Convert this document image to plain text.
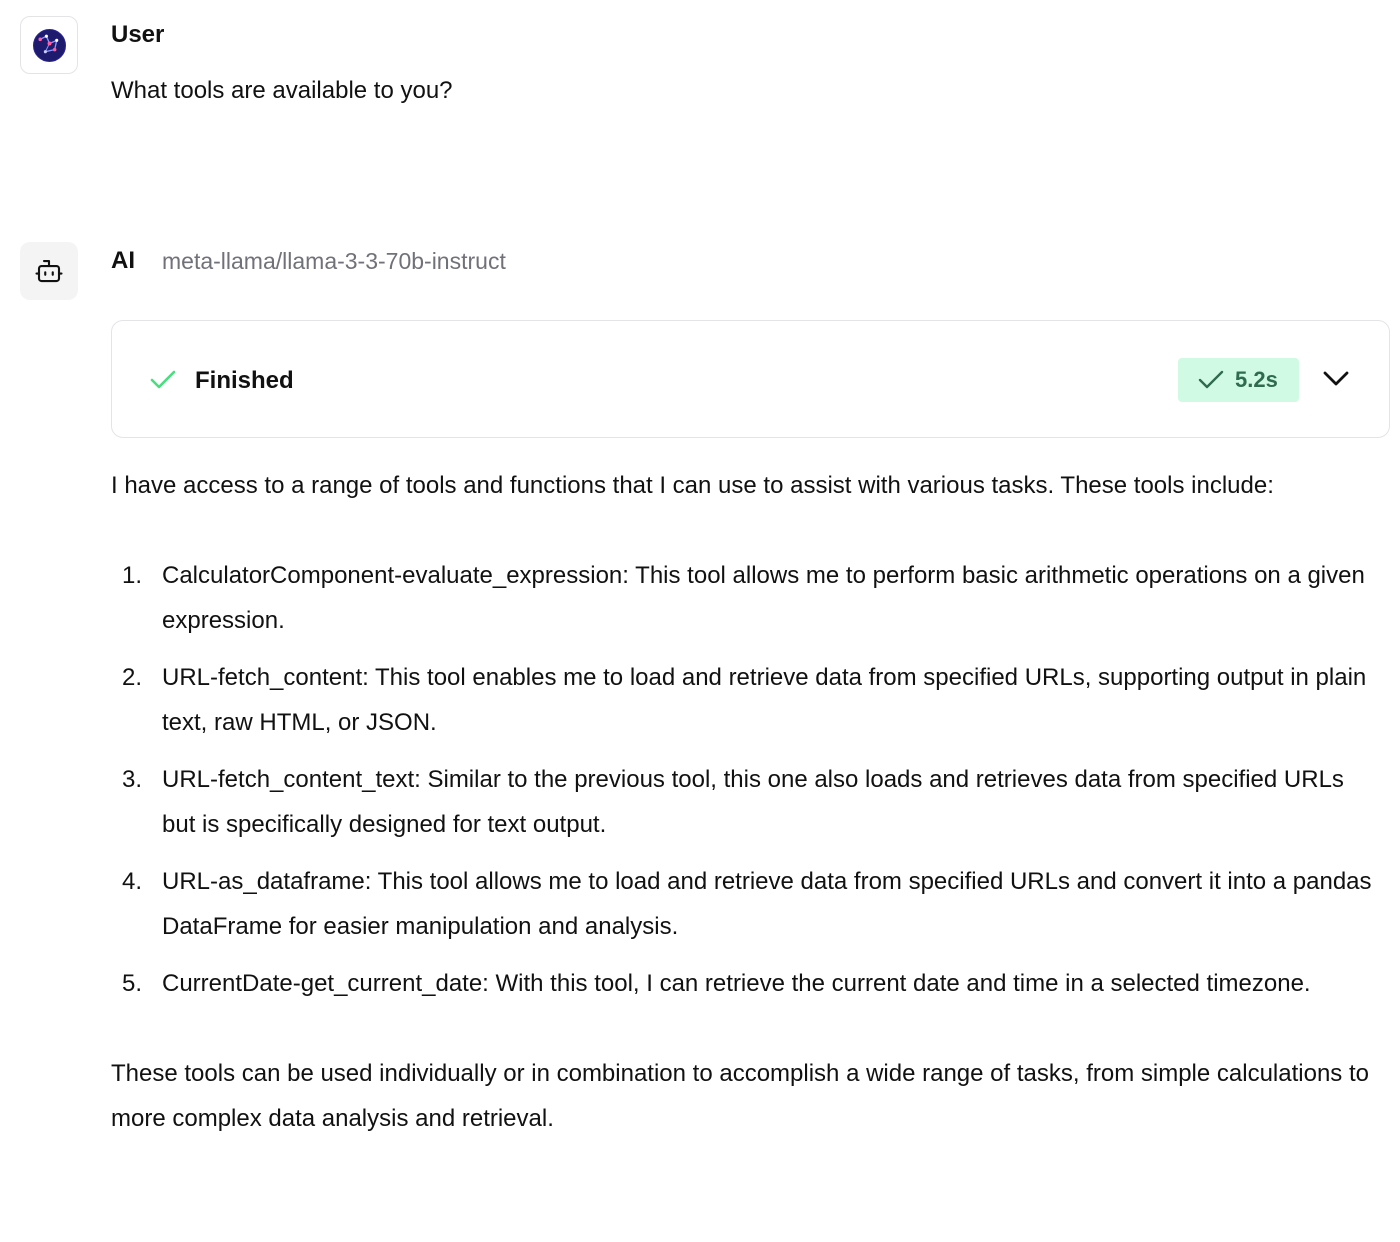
User
What tools are available to you?
AI meta-llama/llama-3-3-70b-instruct
Finished	5.2s

I have access to a range of tools and functions that I can use to assist with various tasks. These tools include:

1. CalculatorComponent-evaluate_expression: This tool allows me to perform basic arithmetic operations on a given expression.
2. URL-fetch_content: This tool enables me to load and retrieve data from specified URLs, supporting output in plain text, raw HTML, or JSON.
3. URL-fetch_content_text: Similar to the previous tool, this one also loads and retrieves data from specified URLs but is specifically designed for text output.
4. URL-as_dataframe: This tool allows me to load and retrieve data from specified URLs and convert it into a pandas DataFrame for easier manipulation and analysis.
5. CurrentDate-get_current_date: With this tool, I can retrieve the current date and time in a selected timezone.

These tools can be used individually or in combination to accomplish a wide range of tasks, from simple calculations to more complex data analysis and retrieval.
